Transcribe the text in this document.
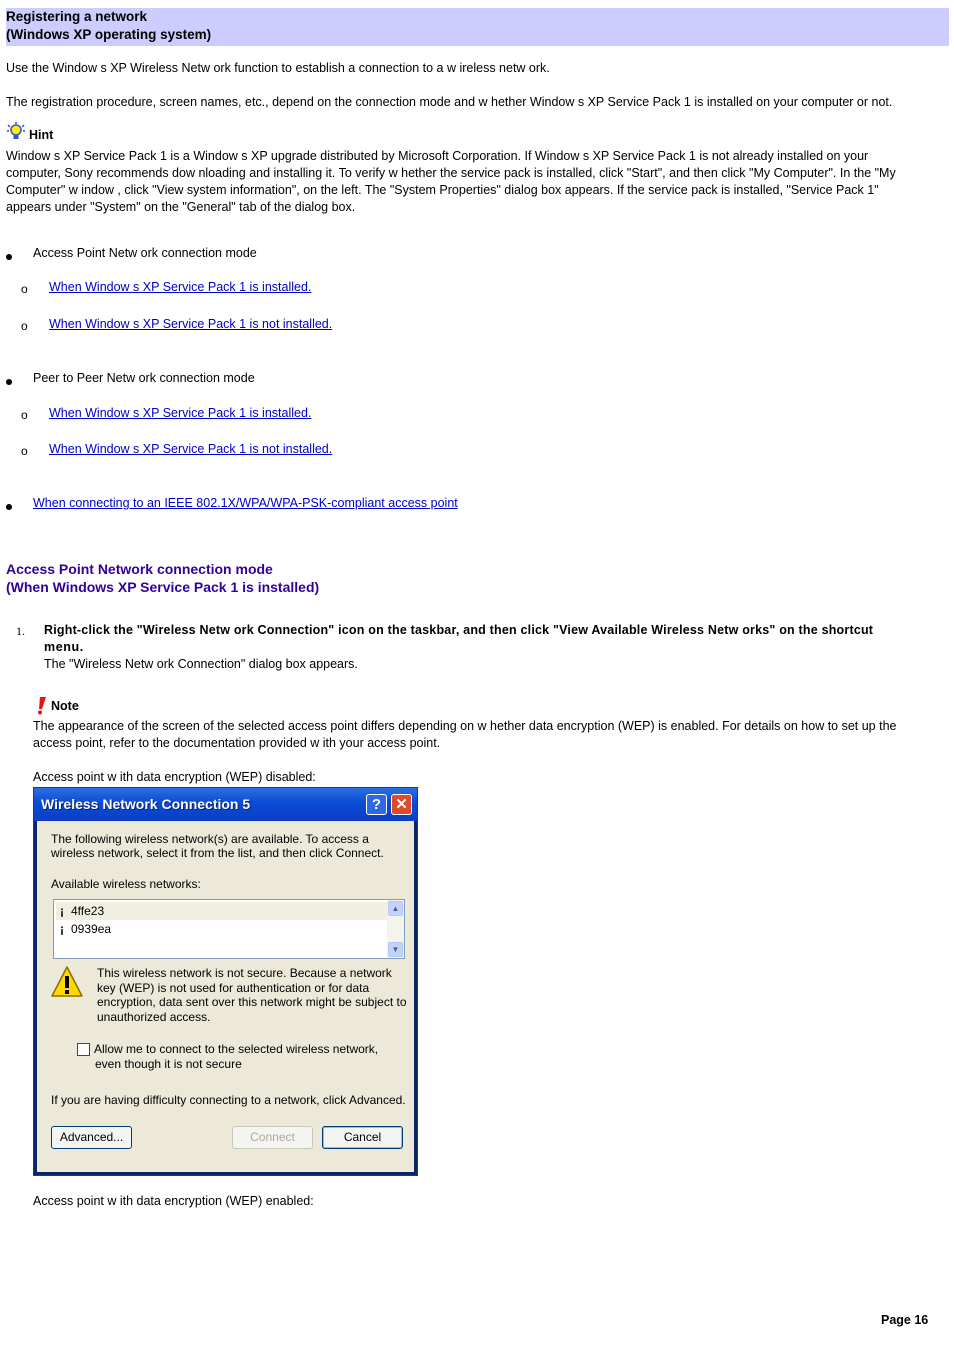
Registering a network
(Windows XP operating system)
Use the Window s XP Wireless Netw ork function to establish a connection to a w ireless netw ork.
The registration procedure, screen names, etc., depend on the connection mode and w hether Window s XP Service Pack 1 is installed on your computer or not.
Hint
Window s XP Service Pack 1 is a Window s XP upgrade distributed by Microsoft Corporation. If Window s XP Service Pack 1 is not already installed on your
computer, Sony recommends dow nloading and installing it. To verify w hether the service pack is installed, click "Start", and then click "My Computer". In the "My
Computer" w indow , click "View system information", on the left. The "System Properties" dialog box appears. If the service pack is installed, "Service Pack 1"
appears under "System" on the "General" tab of the dialog box.
Access Point Netw ork connection mode
o When Window s XP Service Pack 1 is installed.
o When Window s XP Service Pack 1 is not installed.
Peer to Peer Netw ork connection mode
o When Window s XP Service Pack 1 is installed.
o When Window s XP Service Pack 1 is not installed.
When connecting to an IEEE 802.1X/WPA/WPA-PSK-compliant access point
Access Point Network connection mode
(When Windows XP Service Pack 1 is installed)
1. Right-click the "Wireless Netw ork Connection" icon on the taskbar, and then click "View Available Wireless Netw orks" on the shortcut
menu.
The "Wireless Netw ork Connection" dialog box appears.
Note
The appearance of the screen of the selected access point differs depending on w hether data encryption (WEP) is enabled. For details on how to set up the
access point, refer to the documentation provided w ith your access point.
Access point w ith data encryption (WEP) disabled:
Wireless Network Connection 5	? ✕
The following wireless network(s) are available. To access a
wireless network, select it from the list, and then click Connect.
Available wireless networks:
¡ 4ffe23
¡ 0939ea
▲
▼
This wireless network is not secure. Because a network
key (WEP) is not used for authentication or for data
encryption, data sent over this network might be subject to
unauthorized access.
Allow me to connect to the selected wireless network,
even though it is not secure
If you are having difficulty connecting to a network, click Advanced.
Advanced...	Connect	Cancel
Access point w ith data encryption (WEP) enabled:
Page 16
